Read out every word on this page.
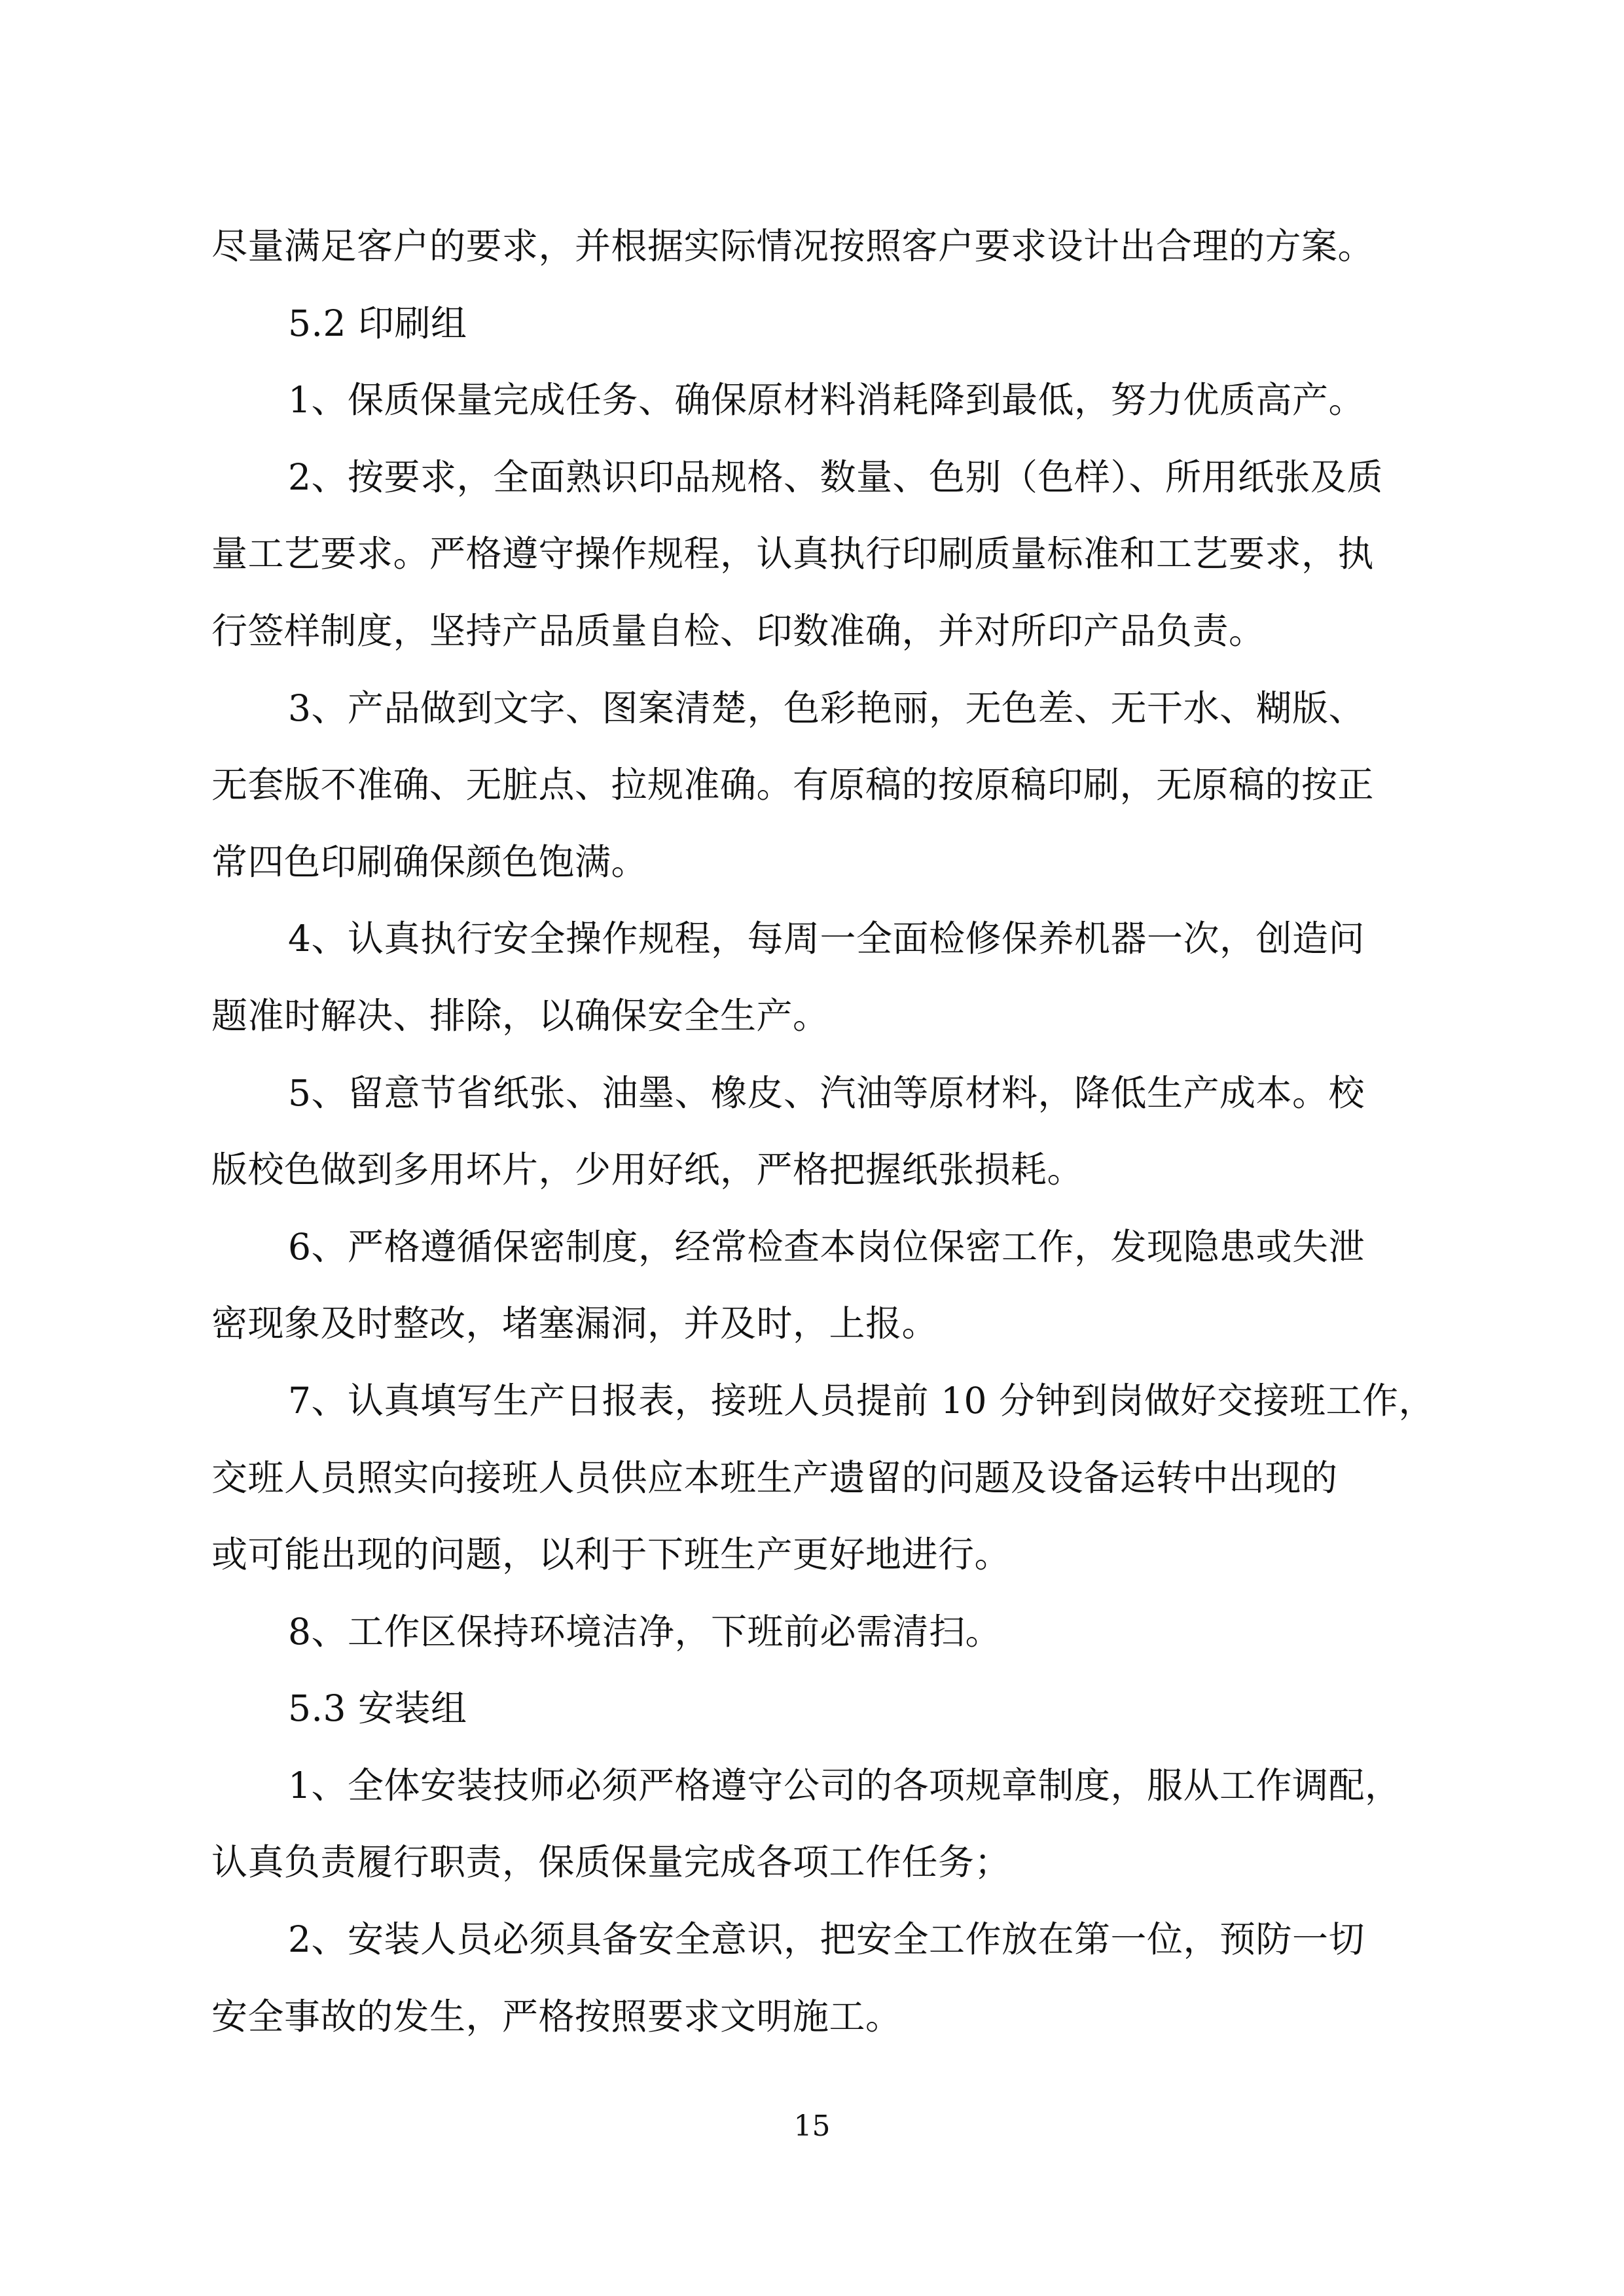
尽量满足客户的要求，并根据实际情况按照客户要求设计出合理的方案。
5.2 印刷组
1、保质保量完成任务、确保原材料消耗降到最低，努力优质高产。
2、按要求，全面熟识印品规格、数量、色别（色样）、所用纸张及质
量工艺要求。严格遵守操作规程，认真执行印刷质量标准和工艺要求，执
行签样制度，坚持产品质量自检、印数准确，并对所印产品负责。
3、产品做到文字、图案清楚，色彩艳丽，无色差、无干水、糊版、
无套版不准确、无脏点、拉规准确。有原稿的按原稿印刷，无原稿的按正
常四色印刷确保颜色饱满。
4、认真执行安全操作规程，每周一全面检修保养机器一次，创造问
题准时解决、排除，以确保安全生产。
5、留意节省纸张、油墨、橡皮、汽油等原材料，降低生产成本。校
版校色做到多用坏片，少用好纸，严格把握纸张损耗。
6、严格遵循保密制度，经常检查本岗位保密工作，发现隐患或失泄
密现象及时整改，堵塞漏洞，并及时，上报。
7、认真填写生产日报表，接班人员提前 10 分钟到岗做好交接班工作，
交班人员照实向接班人员供应本班生产遗留的问题及设备运转中出现的
或可能出现的问题，以利于下班生产更好地进行。
8、工作区保持环境洁净，下班前必需清扫。
5.3 安装组
1、全体安装技师必须严格遵守公司的各项规章制度，服从工作调配，
认真负责履行职责，保质保量完成各项工作任务；
2、安装人员必须具备安全意识，把安全工作放在第一位，预防一切
安全事故的发生，严格按照要求文明施工。
15
